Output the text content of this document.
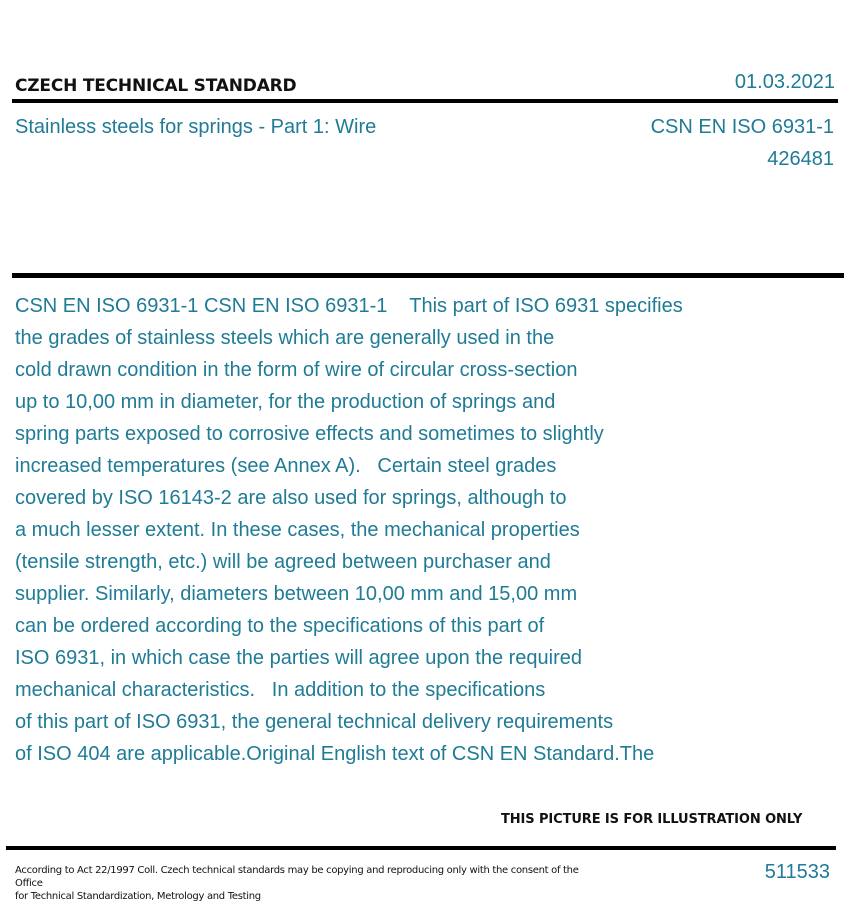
CZECH TECHNICAL STANDARD	01.03.2021
Stainless steels for springs - Part 1: Wire	CSN EN ISO 6931-1
426481
CSN EN ISO 6931-1 CSN EN ISO 6931-1    This part of ISO 6931 specifies
the grades of stainless steels which are generally used in the
cold drawn condition in the form of wire of circular cross-section
up to 10,00 mm in diameter, for the production of springs and
spring parts exposed to corrosive effects and sometimes to slightly
increased temperatures (see Annex A).   Certain steel grades
covered by ISO 16143-2 are also used for springs, although to
a much lesser extent. In these cases, the mechanical properties
(tensile strength, etc.) will be agreed between purchaser and
supplier. Similarly, diameters between 10,00 mm and 15,00 mm
can be ordered according to the specifications of this part of
ISO 6931, in which case the parties will agree upon the required
mechanical characteristics.   In addition to the specifications
of this part of ISO 6931, the general technical delivery requirements
of ISO 404 are applicable.Original English text of CSN EN Standard.The
THIS PICTURE IS FOR ILLUSTRATION ONLY
According to Act 22/1997 Coll. Czech technical standards may be copying and reproducing only with the consent of the Office
for Technical Standardization, Metrology and Testing
511533
